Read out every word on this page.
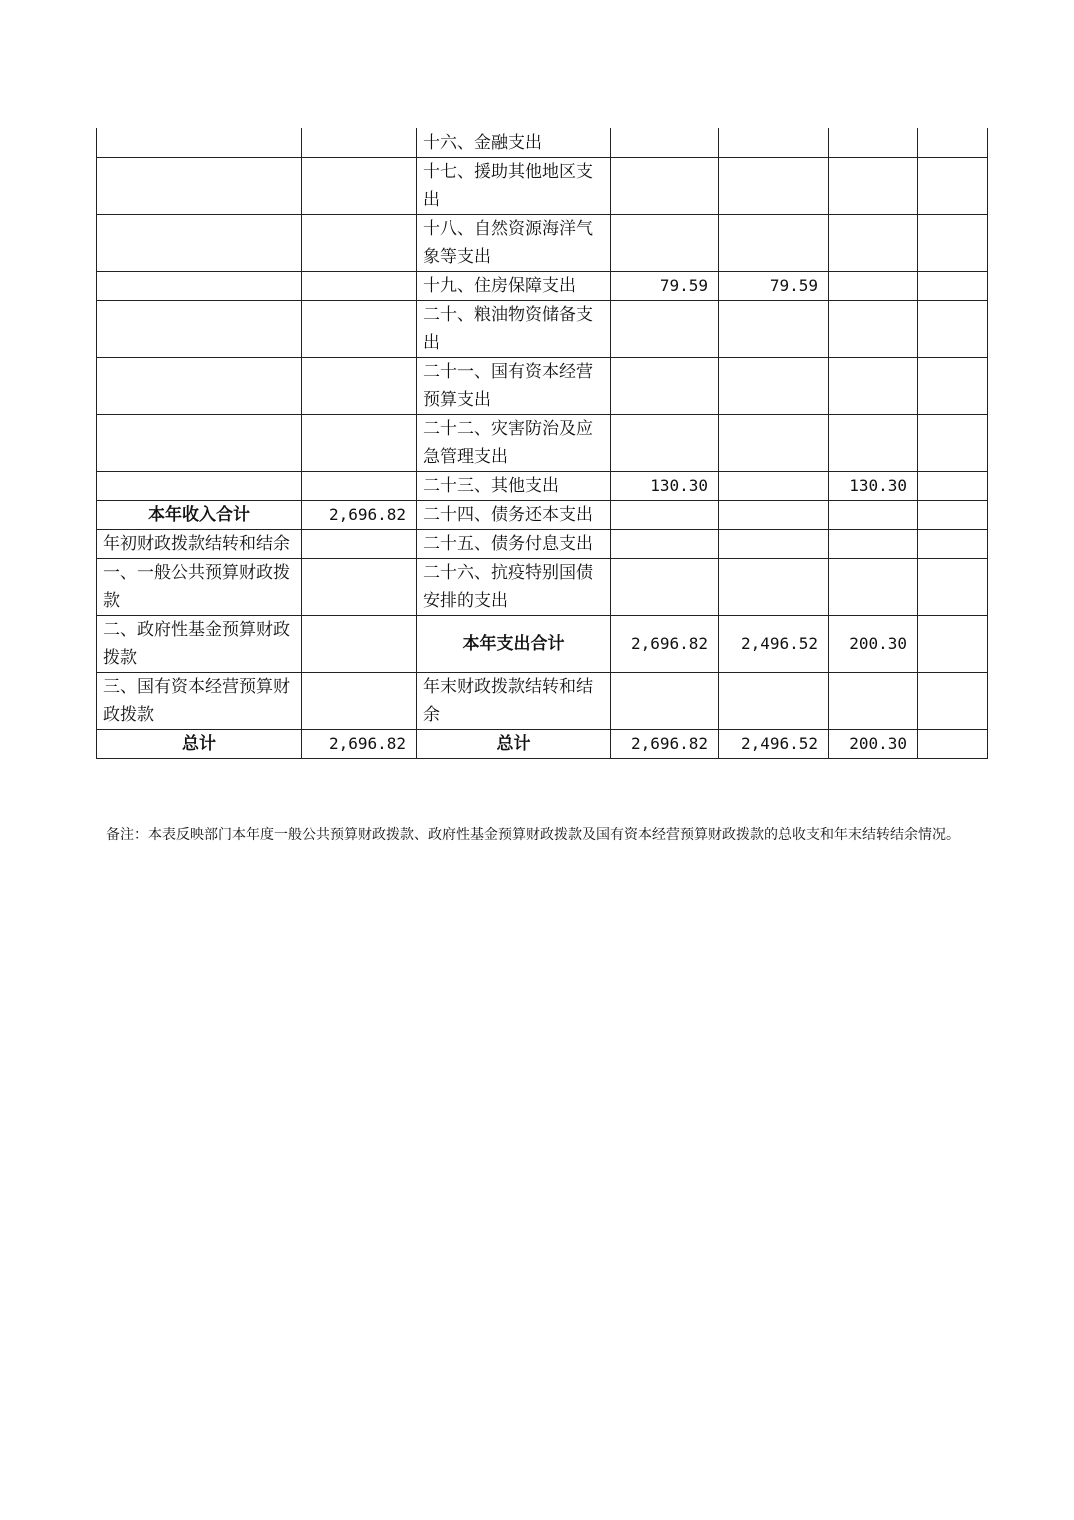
		十六、金融支出				
		十七、援助其他地区支出				
		十八、自然资源海洋气象等支出				
		十九、住房保障支出	79.59	79.59		
		二十、粮油物资储备支出				
		二十一、国有资本经营预算支出				
		二十二、灾害防治及应急管理支出				
		二十三、其他支出	130.30		130.30	
本年收入合计	2,696.82	二十四、债务还本支出				
年初财政拨款结转和结余		二十五、债务付息支出				
一、一般公共预算财政拨款		二十六、抗疫特别国债安排的支出				
二、政府性基金预算财政拨款		本年支出合计	2,696.82	2,496.52	200.30	
三、国有资本经营预算财政拨款		年末财政拨款结转和结余				
总计	2,696.82	总计	2,696.82	2,496.52	200.30	

备注：本表反映部门本年度一般公共预算财政拨款、政府性基金预算财政拨款及国有资本经营预算财政拨款的总收支和年末结转结余情况。
